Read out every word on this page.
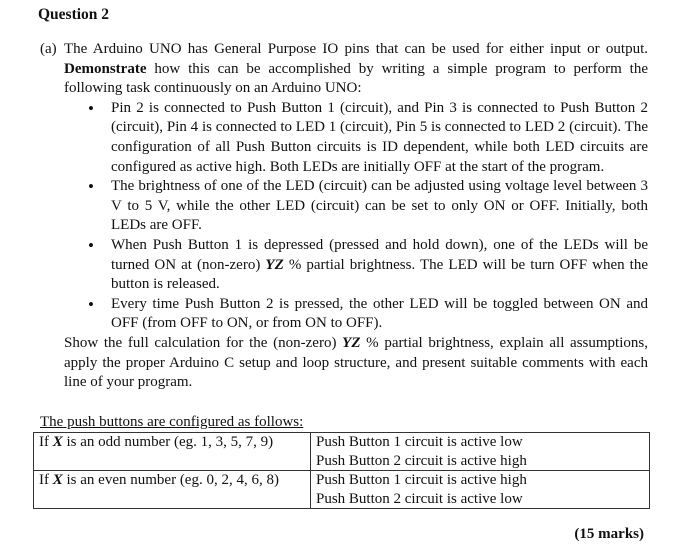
Question 2
(a) The Arduino UNO has General Purpose IO pins that can be used for either input or output. Demonstrate how this can be accomplished by writing a simple program to perform the following task continuously on an Arduino UNO:

• Pin 2 is connected to Push Button 1 (circuit), and Pin 3 is connected to Push Button 2 (circuit), Pin 4 is connected to LED 1 (circuit), Pin 5 is connected to LED 2 (circuit). The configuration of all Push Button circuits is ID dependent, while both LED circuits are configured as active high. Both LEDs are initially OFF at the start of the program.
• The brightness of one of the LED (circuit) can be adjusted using voltage level between 3 V to 5 V, while the other LED (circuit) can be set to only ON or OFF. Initially, both LEDs are OFF.
• When Push Button 1 is depressed (pressed and hold down), one of the LEDs will be turned ON at (non-zero) YZ % partial brightness. The LED will be turn OFF when the button is released.
• Every time Push Button 2 is pressed, the other LED will be toggled between ON and OFF (from OFF to ON, or from ON to OFF).

Show the full calculation for the (non-zero) YZ % partial brightness, explain all assumptions, apply the proper Arduino C setup and loop structure, and present suitable comments with each line of your program.

The push buttons are configured as follows:

If X is an odd number (eg. 1, 3, 5, 7, 9)	Push Button 1 circuit is active low
Push Button 2 circuit is active high

If X is an even number (eg. 0, 2, 4, 6, 8)	Push Button 1 circuit is active high
Push Button 2 circuit is active low

(15 marks)
